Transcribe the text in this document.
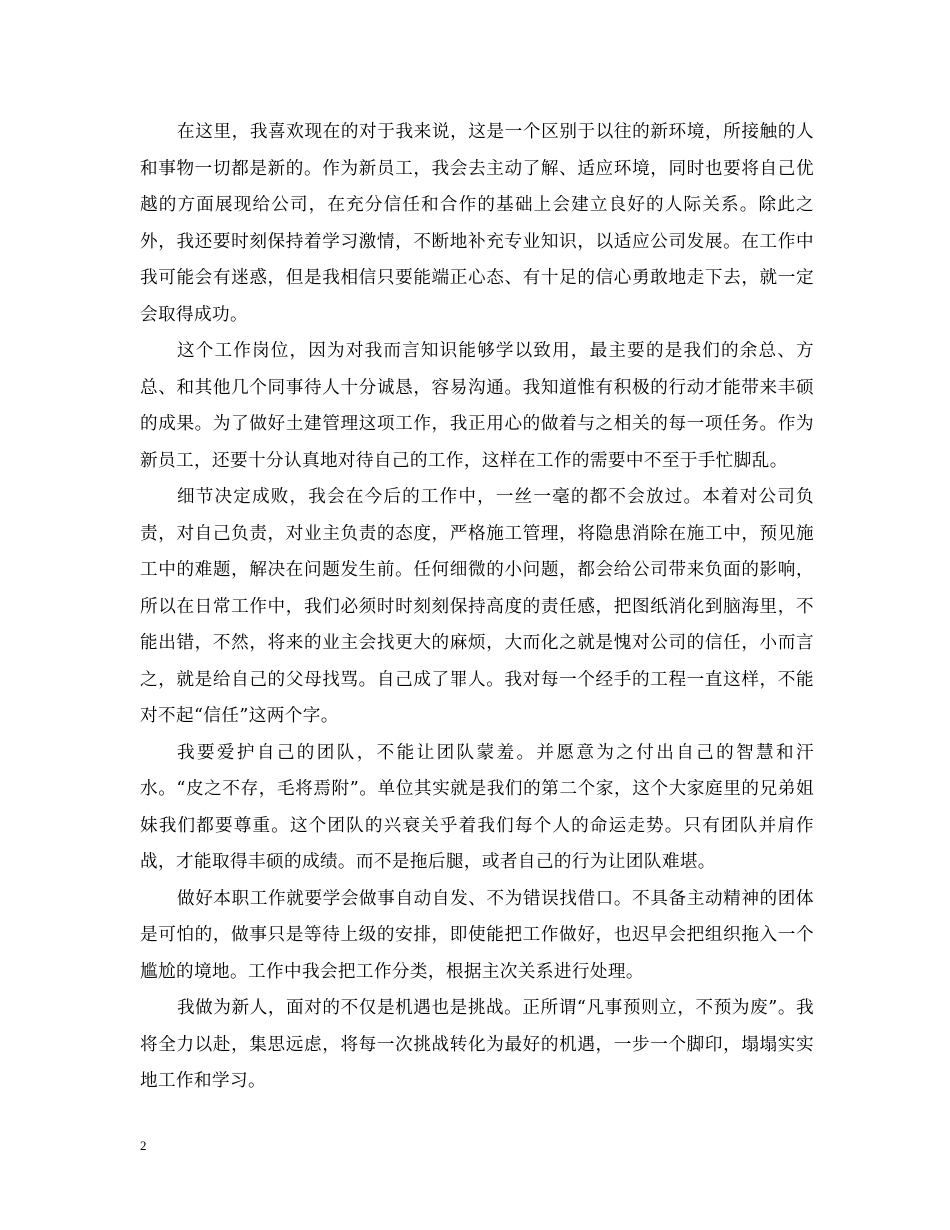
在这里，我喜欢现在的对于我来说，这是一个区别于以往的新环境，所接触的人和事物一切都是新的。作为新员工，我会去主动了解、适应环境，同时也要将自己优越的方面展现给公司，在充分信任和合作的基础上会建立良好的人际关系。除此之外，我还要时刻保持着学习激情，不断地补充专业知识，以适应公司发展。在工作中我可能会有迷惑，但是我相信只要能端正心态、有十足的信心勇敢地走下去，就一定会取得成功。

这个工作岗位，因为对我而言知识能够学以致用，最主要的是我们的余总、方总、和其他几个同事待人十分诚恳，容易沟通。我知道惟有积极的行动才能带来丰硕的成果。为了做好土建管理这项工作，我正用心的做着与之相关的每一项任务。作为新员工，还要十分认真地对待自己的工作，这样在工作的需要中不至于手忙脚乱。

细节决定成败，我会在今后的工作中，一丝一毫的都不会放过。本着对公司负责，对自己负责，对业主负责的态度，严格施工管理，将隐患消除在施工中，预见施工中的难题，解决在问题发生前。任何细微的小问题，都会给公司带来负面的影响，所以在日常工作中，我们必须时时刻刻保持高度的责任感，把图纸消化到脑海里，不能出错，不然，将来的业主会找更大的麻烦，大而化之就是愧对公司的信任，小而言之，就是给自己的父母找骂。自己成了罪人。我对每一个经手的工程一直这样，不能对不起“信任”这两个字。

我要爱护自己的团队，不能让团队蒙羞。并愿意为之付出自己的智慧和汗水。“皮之不存，毛将焉附”。单位其实就是我们的第二个家，这个大家庭里的兄弟姐妹我们都要尊重。这个团队的兴衰关乎着我们每个人的命运走势。只有团队并肩作战，才能取得丰硕的成绩。而不是拖后腿，或者自己的行为让团队难堪。

做好本职工作就要学会做事自动自发、不为错误找借口。不具备主动精神的团体是可怕的，做事只是等待上级的安排，即使能把工作做好，也迟早会把组织拖入一个尴尬的境地。工作中我会把工作分类，根据主次关系进行处理。

我做为新人，面对的不仅是机遇也是挑战。正所谓“凡事预则立，不预为废”。我将全力以赴，集思远虑，将每一次挑战转化为最好的机遇，一步一个脚印，塌塌实实地工作和学习。

2
